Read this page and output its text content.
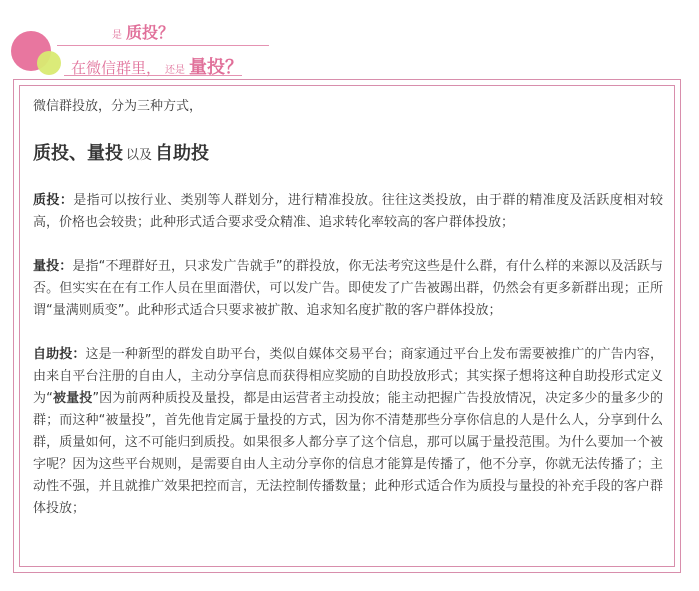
是 质投？
在微信群里， 还是 量投？

微信群投放，分为三种方式，

质投、量投 以及 自助投

质投：是指可以按行业、类别等人群划分，进行精准投放。往往这类投放，由于群的精准度及活跃度相对较高，价格也会较贵；此种形式适合要求受众精准、追求转化率较高的客户群体投放；

量投：是指“不理群好丑，只求发广告就手”的群投放，你无法考究这些是什么群，有什么样的来源以及活跃与否。但实实在在有工作人员在里面潜伏，可以发广告。即使发了广告被踢出群，仍然会有更多新群出现；正所谓“量满则质变”。此种形式适合只要求被扩散、追求知名度扩散的客户群体投放；

自助投：这是一种新型的群发自助平台，类似自媒体交易平台；商家通过平台上发布需要被推广的广告内容，由来自平台注册的自由人，主动分享信息而获得相应奖励的自助投放形式；其实探子想将这种自助投形式定义为“被量投”因为前两种质投及量投，都是由运营者主动投放；能主动把握广告投放情况，决定多少的量多少的群；而这种“被量投”，首先他肯定属于量投的方式，因为你不清楚那些分享你信息的人是什么人，分享到什么群，质量如何，这不可能归到质投。如果很多人都分享了这个信息，那可以属于量投范围。为什么要加一个被字呢？因为这些平台规则，是需要自由人主动分享你的信息才能算是传播了，他不分享，你就无法传播了；主动性不强，并且就推广效果把控而言，无法控制传播数量；此种形式适合作为质投与量投的补充手段的客户群体投放；
